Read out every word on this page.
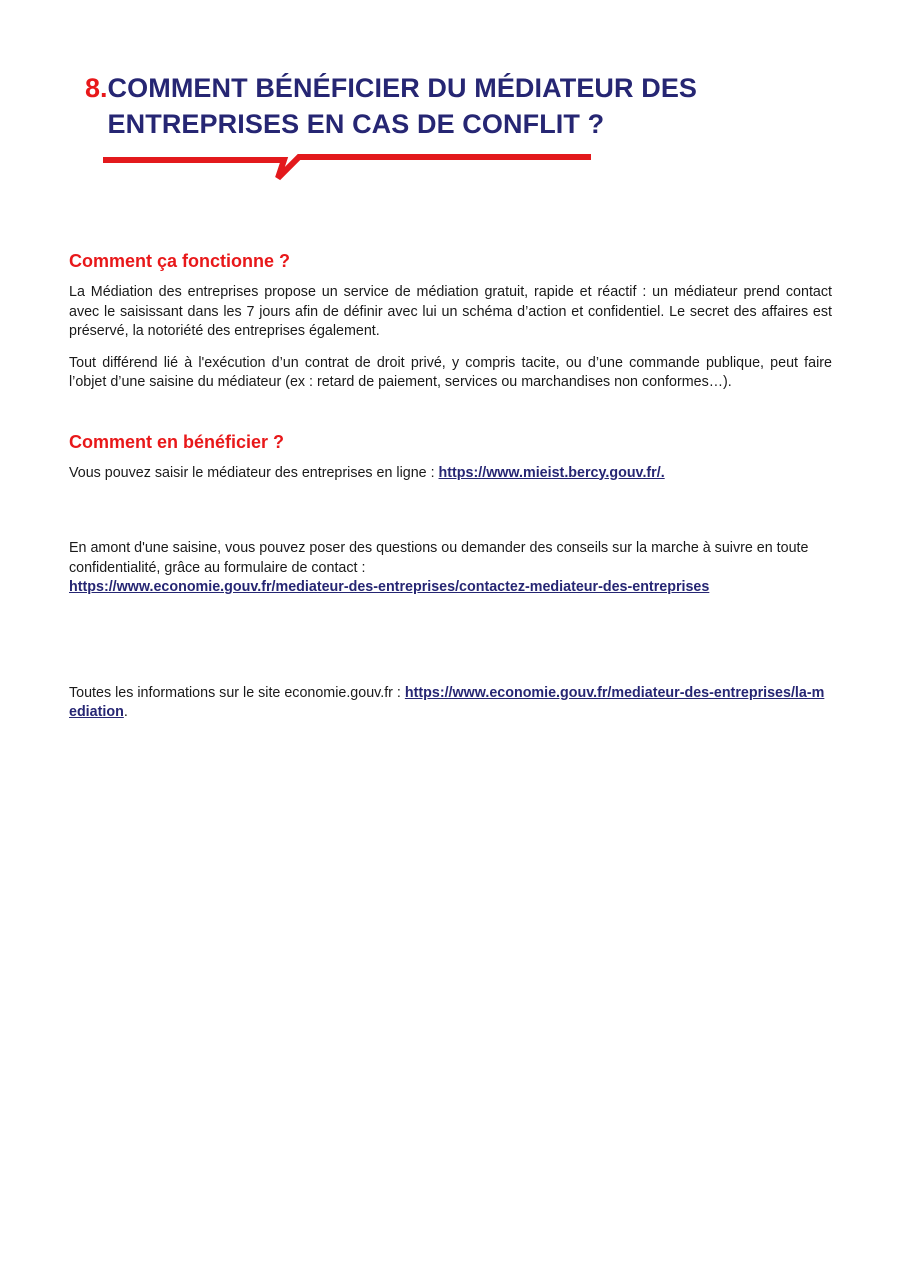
8. COMMENT BÉNÉFICIER DU MÉDIATEUR DES ENTREPRISES EN CAS DE CONFLIT ?
Comment ça fonctionne ?

La Médiation des entreprises propose un service de médiation gratuit, rapide et réactif : un médiateur prend contact avec le saisissant dans les 7 jours afin de définir avec lui un schéma d’action et confidentiel. Le secret des affaires est préservé, la notoriété des entreprises également.

Tout différend lié à l'exécution d’un contrat de droit privé, y compris tacite, ou d’une commande publique, peut faire l’objet d’une saisine du médiateur (ex : retard de paiement, services ou marchandises non conformes…).

Comment en bénéficier ?

Vous pouvez saisir le médiateur des entreprises en ligne : https://www.mieist.bercy.gouv.fr/.

En amont d'une saisine, vous pouvez poser des questions ou demander des conseils sur la marche à suivre en toute confidentialité, grâce au formulaire de contact :
https://www.economie.gouv.fr/mediateur-des-entreprises/contactez-mediateur-des-entreprises

Toutes les informations sur le site economie.gouv.fr : https://www.economie.gouv.fr/mediateur-des-entreprises/la-mediation.
